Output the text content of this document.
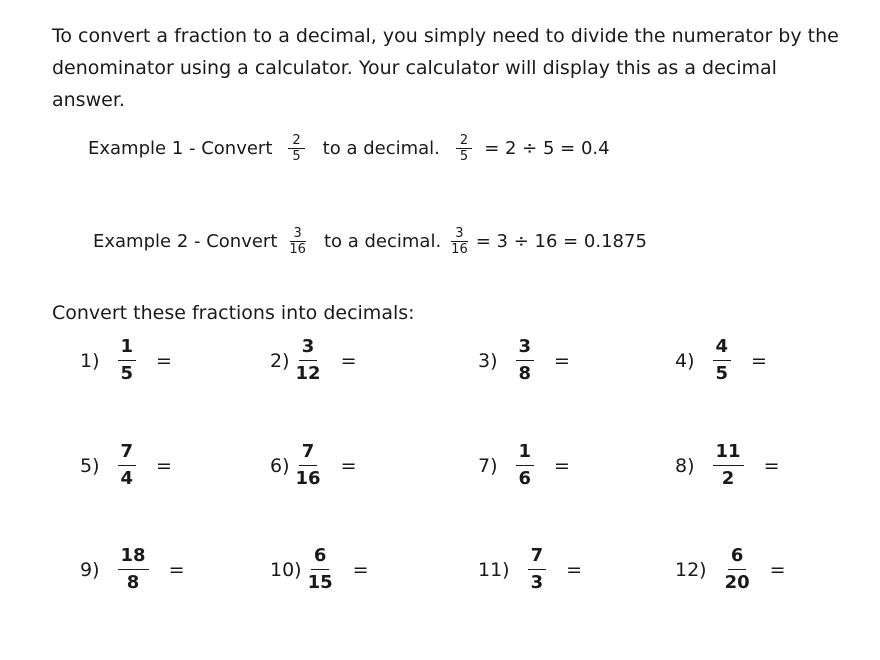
To convert a fraction to a decimal, you simply need to divide the numerator by the denominator using a calculator. Your calculator will display this as a decimal answer.

Example 1 - Convert $\frac{2}{5}$ to a decimal. $\frac{2}{5} = 2 \div 5 = 0.4$
Example 2 - Convert $\frac{3}{16}$ to a decimal. $\frac{3}{16} = 3 \div 16 = 0.1875$

Convert these fractions into decimals:

$1) \frac{1}{5}$ =	$2) \frac{3}{12}$ =	$3) \frac{3}{8}$ =	$4) \frac{4}{5}$ =
$5) \frac{7}{4}$ =	$6) \frac{7}{16}$ =	$7) \frac{1}{6}$ =	$8) \frac{11}{2}$ =
$9) \frac{18}{8}$ =	$10) \frac{6}{15}$ =	$11) \frac{7}{3}$ =	$12) \frac{6}{20}$ =
